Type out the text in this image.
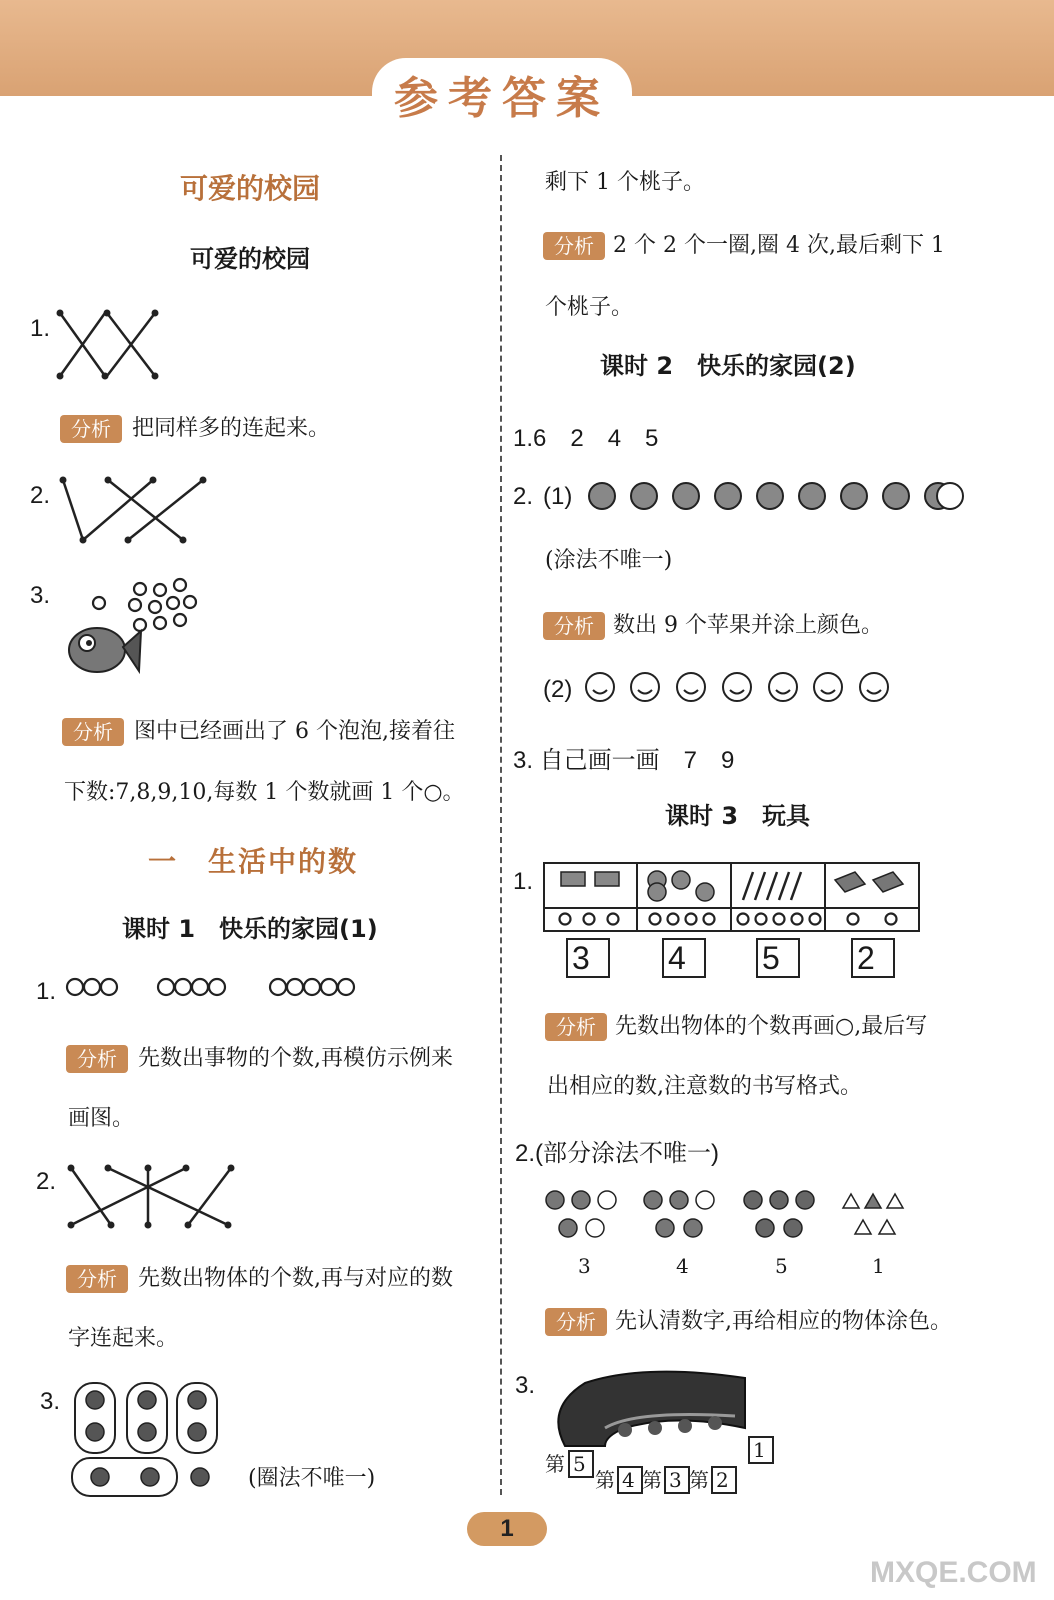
参考答案
可爱的校园
可爱的校园
1.
分析 把同样多的连起来。
2.
3.
分析 图中已经画出了 6 个泡泡,接着往
下数:7,8,9,10,每数 1 个数就画 1 个○。
一　生活中的数
课时 1　快乐的家园(1)
1.
分析 先数出事物的个数,再模仿示例来
画图。
2.
分析 先数出物体的个数,再与对应的数
字连起来。
3.
(圈法不唯一)
剩下 1 个桃子。
分析 2 个 2 个一圈,圈 4 次,最后剩下 1
个桃子。
课时 2　快乐的家园(2)
1.6　2　4　5
2. (1)
(涂法不唯一)
分析 数出 9 个苹果并涂上颜色。
(2)
3. 自己画一画　7　9
课时 3　玩具
1.
3 4 5 2
分析 先数出物体的个数再画○,最后写
出相应的数,注意数的书写格式。
2.(部分涂法不唯一)
3	4	5	1
分析 先认清数字,再给相应的物体涂色。
3.
第 5
第 4 第 3 第 2
1
1
MXQE.COM
